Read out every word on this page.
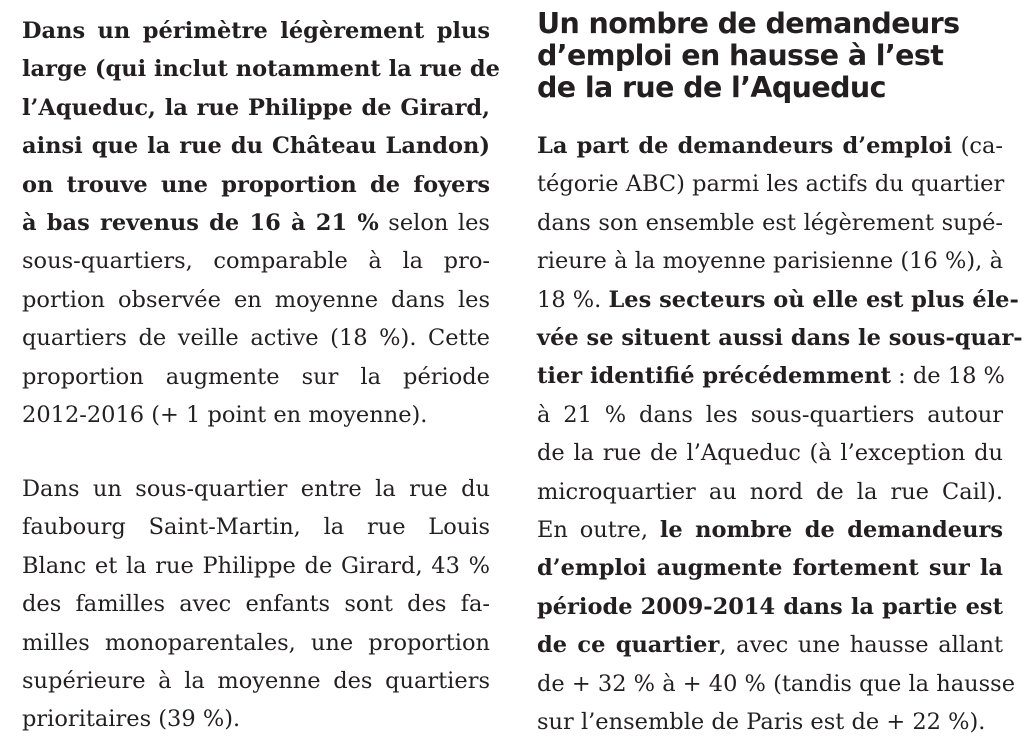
Dans un périmètre légèrement plus
large (qui inclut notamment la rue de
l’Aqueduc, la rue Philippe de Girard,
ainsi que la rue du Château Landon)
on trouve une proportion de foyers
à bas revenus de 16 à 21 % selon les
sous-quartiers, comparable à la pro-
portion observée en moyenne dans les
quartiers de veille active (18 %). Cette
proportion augmente sur la période
2012-2016 (+ 1 point en moyenne).

Dans un sous-quartier entre la rue du
faubourg Saint-Martin, la rue Louis
Blanc et la rue Philippe de Girard, 43 %
des familles avec enfants sont des fa-
milles monoparentales, une proportion
supérieure à la moyenne des quartiers
prioritaires (39 %).

Un nombre de demandeurs
d’emploi en hausse à l’est
de la rue de l’Aqueduc

La part de demandeurs d’emploi (ca-
tégorie ABC) parmi les actifs du quartier
dans son ensemble est légèrement supé-
rieure à la moyenne parisienne (16 %), à
18 %. Les secteurs où elle est plus éle-
vée se situent aussi dans le sous-quar-
tier identifié précédemment : de 18 %
à 21 % dans les sous-quartiers autour
de la rue de l’Aqueduc (à l’exception du
microquartier au nord de la rue Cail).
En outre, le nombre de demandeurs
d’emploi augmente fortement sur la
période 2009-2014 dans la partie est
de ce quartier, avec une hausse allant
de + 32 % à + 40 % (tandis que la hausse
sur l’ensemble de Paris est de + 22 %).
